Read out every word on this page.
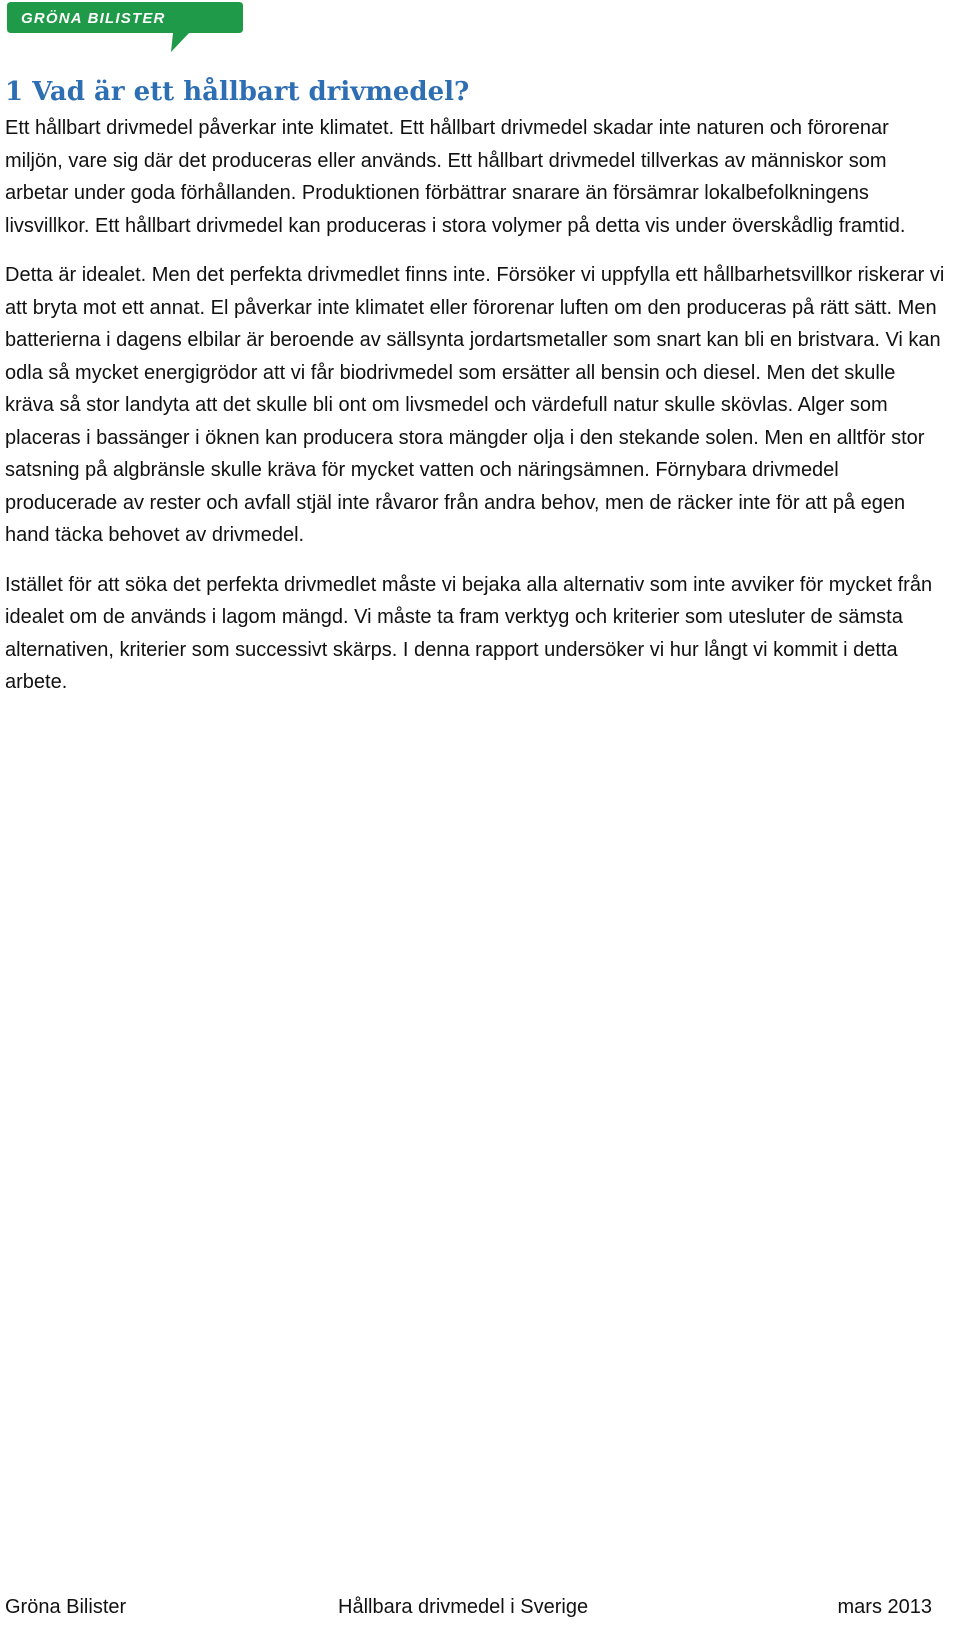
GRÖNA BILISTER
1 Vad är ett hållbart drivmedel?

Ett hållbart drivmedel påverkar inte klimatet. Ett hållbart drivmedel skadar inte naturen och förorenar miljön, vare sig där det produceras eller används. Ett hållbart drivmedel tillverkas av människor som arbetar under goda förhållanden. Produktionen förbättrar snarare än försämrar lokalbefolkningens livsvillkor. Ett hållbart drivmedel kan produceras i stora volymer på detta vis under överskådlig framtid.

Detta är idealet. Men det perfekta drivmedlet finns inte. Försöker vi uppfylla ett hållbarhetsvillkor riskerar vi att bryta mot ett annat. El påverkar inte klimatet eller förorenar luften om den produceras på rätt sätt. Men batterierna i dagens elbilar är beroende av sällsynta jordartsmetaller som snart kan bli en bristvara. Vi kan odla så mycket energigrödor att vi får biodrivmedel som ersätter all bensin och diesel. Men det skulle kräva så stor landyta att det skulle bli ont om livsmedel och värdefull natur skulle skövlas. Alger som placeras i bassänger i öknen kan producera stora mängder olja i den stekande solen. Men en alltför stor satsning på algbränsle skulle kräva för mycket vatten och näringsämnen. Förnybara drivmedel producerade av rester och avfall stjäl inte råvaror från andra behov, men de räcker inte för att på egen hand täcka behovet av drivmedel.

Istället för att söka det perfekta drivmedlet måste vi bejaka alla alternativ som inte avviker för mycket från idealet om de används i lagom mängd. Vi måste ta fram verktyg och kriterier som utesluter de sämsta alternativen, kriterier som successivt skärps. I denna rapport undersöker vi hur långt vi kommit i detta arbete.

Gröna Bilister	Hållbara drivmedel i Sverige	mars 2013
